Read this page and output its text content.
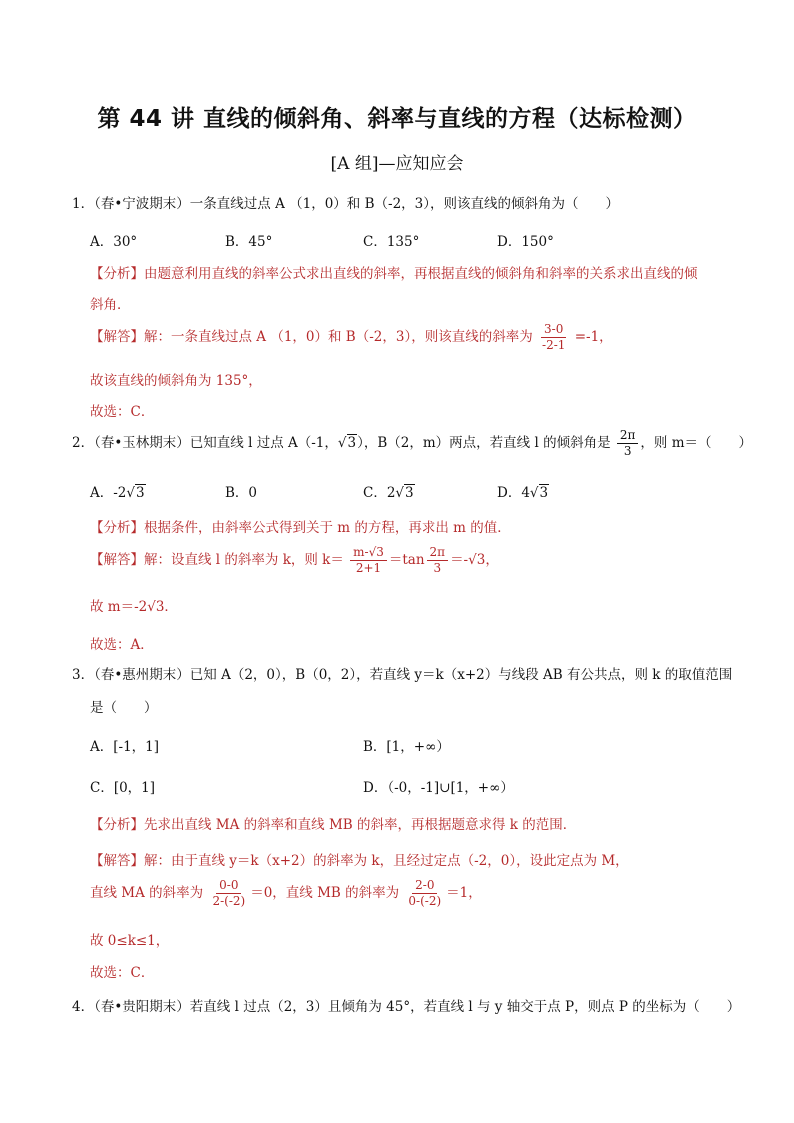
第 44 讲 直线的倾斜角、斜率与直线的方程（达标检测）
[A 组]—应知应会
1．（春•宁波期末）一条直线过点 A （1，0）和 B（-2，3），则该直线的倾斜角为（　　）
A．30°	B．45°	C．135°	D．150°
【分析】由题意利用直线的斜率公式求出直线的斜率，再根据直线的倾斜角和斜率的关系求出直线的倾
斜角．
【解答】解：一条直线过点 A （1，0）和 B（-2，3），则该直线的斜率为 $\frac{3-0}{-2-1} =-1$，
故该直线的倾斜角为 135°，
故选：C．
2．（春•玉林期末）已知直线 l 过点 A（-1，√3），B（2，m）两点，若直线 l 的倾斜角是 $\frac{2\pi}{3}$ ，则 m＝（　　）
A．-2√3	B．0	C．2√3	D．4√3
【分析】根据条件，由斜率公式得到关于 m 的方程，再求出 m 的值．
【解答】解：设直线 l 的斜率为 k，则 $k= \frac{m-√3}{2+1} =\tan \frac{2\pi}{3} =-√3$，
故 m＝-2√3．
故选：A．
3．（春•惠州期末）已知 A（2，0），B（0，2），若直线 y＝k（x+2）与线段 AB 有公共点，则 k 的取值范围
是（　　）
A．[-1，1]	B．[1，+∞）
C．[0，1]	D．（-0，-1]∪[1，+∞）
【分析】先求出直线 MA 的斜率和直线 MB 的斜率，再根据题意求得 k 的范围．
【解答】解：由于直线 y＝k（x+2）的斜率为 k，且经过定点（-2，0），设此定点为 M，
直线 MA 的斜率为 $\frac{0-0}{2-(-2)} =0$，直线 MB 的斜率为 $\frac{2-0}{0-(-2)} =1$，
故 0≤k≤1，
故选：C．
4．（春•贵阳期末）若直线 l 过点（2，3）且倾角为 45°，若直线 l 与 y 轴交于点 P，则点 P 的坐标为（　　）
